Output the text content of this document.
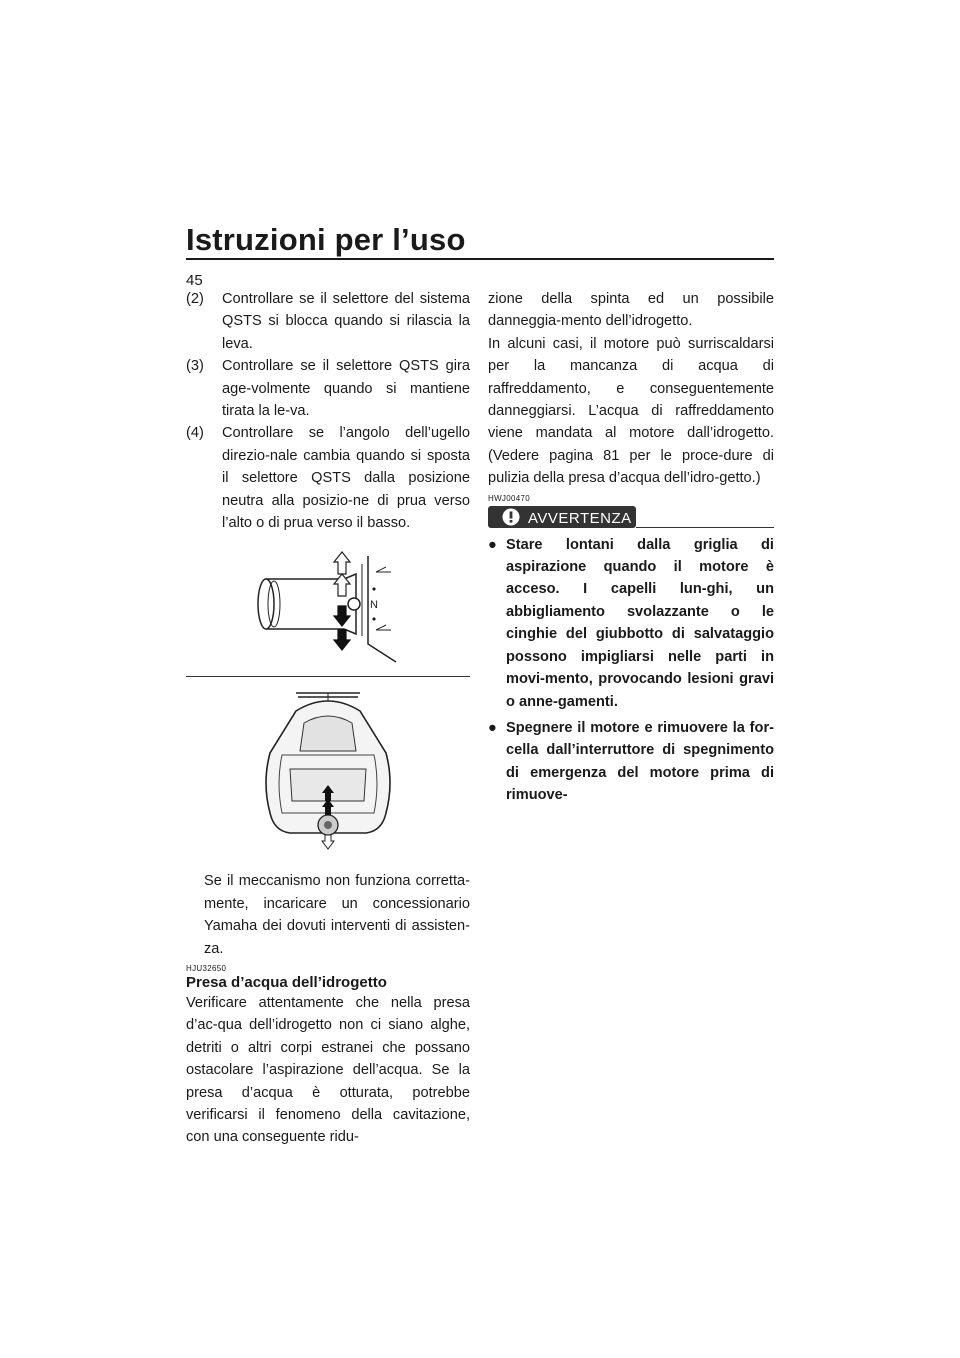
Istruzioni per l’uso
45
(2) Controllare se il selettore del sistema QSTS si blocca quando si rilascia la leva.
(3) Controllare se il selettore QSTS gira age-volmente quando si mantiene tirata la le-va.
(4) Controllare se l’angolo dell’ugello direzio-nale cambia quando si sposta il selettore QSTS dalla posizione neutra alla posizio-ne di prua verso l’alto o di prua verso il basso.
N
Se il meccanismo non funziona corretta-mente, incaricare un concessionario Yamaha dei dovuti interventi di assisten-za.
HJU32650
Presa d’acqua dell’idrogetto
Verificare attentamente che nella presa d’ac-qua dell’idrogetto non ci siano alghe, detriti o altri corpi estranei che possano ostacolare l’aspirazione dell’acqua. Se la presa d’acqua è otturata, potrebbe verificarsi il fenomeno della cavitazione, con una conseguente ridu-
zione della spinta ed un possibile danneggia-mento dell’idrogetto.
In alcuni casi, il motore può surriscaldarsi per la mancanza di acqua di raffreddamento, e conseguentemente danneggiarsi. L’acqua di raffreddamento viene mandata al motore dall’idrogetto. (Vedere pagina 81 per le proce-dure di pulizia della presa d’acqua dell’idro-getto.)
HWJ00470
AVVERTENZA
● Stare lontani dalla griglia di aspirazione quando il motore è acceso. I capelli lun-ghi, un abbigliamento svolazzante o le cinghie del giubbotto di salvataggio possono impigliarsi nelle parti in movi-mento, provocando lesioni gravi o anne-gamenti.
● Spegnere il motore e rimuovere la for-cella dall’interruttore di spegnimento di emergenza del motore prima di rimuove-
